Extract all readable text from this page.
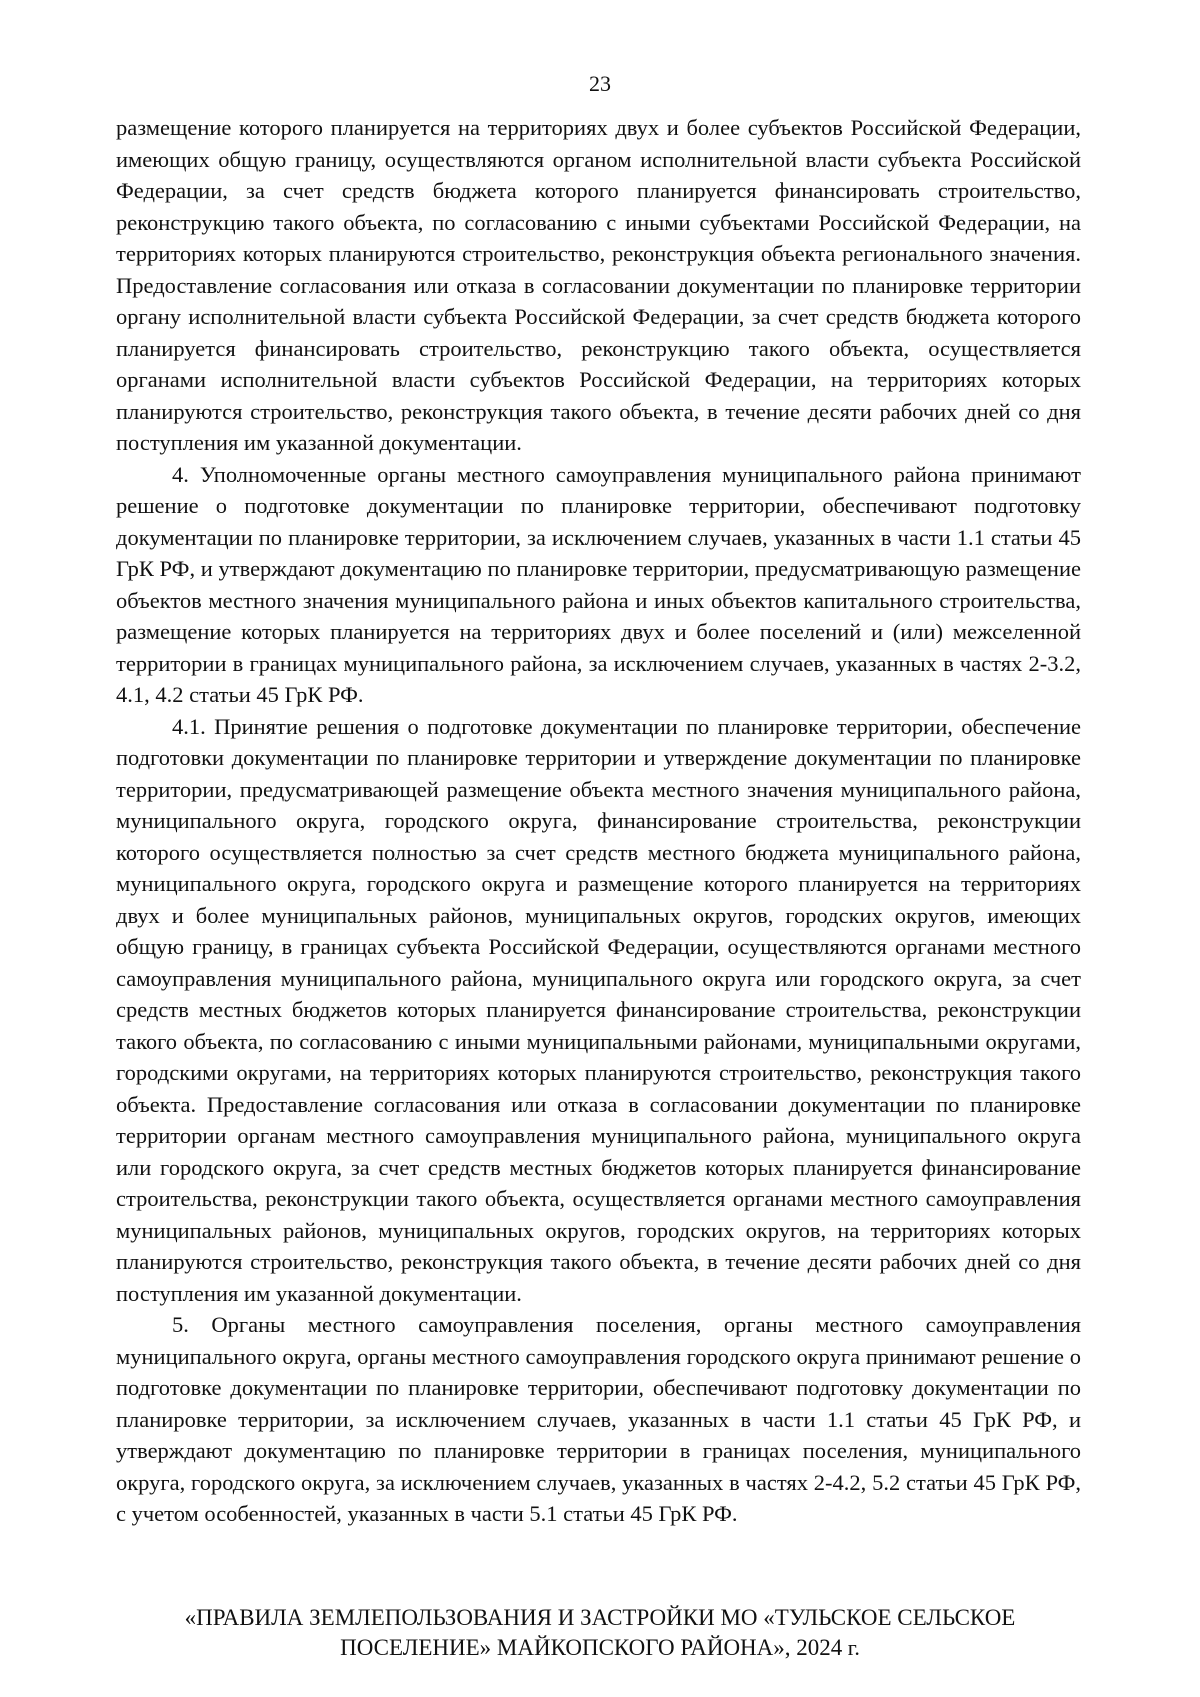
23

размещение которого планируется на территориях двух и более субъектов Российской Федерации, имеющих общую границу, осуществляются органом исполнительной власти субъекта Российской Федерации, за счет средств бюджета которого планируется финансировать строительство, реконструкцию такого объекта, по согласованию с иными субъектами Российской Федерации, на территориях которых планируются строительство, реконструкция объекта регионального значения. Предоставление согласования или отказа в согласовании документации по планировке территории органу исполнительной власти субъекта Российской Федерации, за счет средств бюджета которого планируется финансировать строительство, реконструкцию такого объекта, осуществляется органами исполнительной власти субъектов Российской Федерации, на территориях которых планируются строительство, реконструкция такого объекта, в течение десяти рабочих дней со дня поступления им указанной документации.

4. Уполномоченные органы местного самоуправления муниципального района принимают решение о подготовке документации по планировке территории, обеспечивают подготовку документации по планировке территории, за исключением случаев, указанных в части 1.1 статьи 45 ГрК РФ, и утверждают документацию по планировке территории, предусматривающую размещение объектов местного значения муниципального района и иных объектов капитального строительства, размещение которых планируется на территориях двух и более поселений и (или) межселенной территории в границах муниципального района, за исключением случаев, указанных в частях 2-3.2, 4.1, 4.2 статьи 45 ГрК РФ.

4.1. Принятие решения о подготовке документации по планировке территории, обеспечение подготовки документации по планировке территории и утверждение документации по планировке территории, предусматривающей размещение объекта местного значения муниципального района, муниципального округа, городского округа, финансирование строительства, реконструкции которого осуществляется полностью за счет средств местного бюджета муниципального района, муниципального округа, городского округа и размещение которого планируется на территориях двух и более муниципальных районов, муниципальных округов, городских округов, имеющих общую границу, в границах субъекта Российской Федерации, осуществляются органами местного самоуправления муниципального района, муниципального округа или городского округа, за счет средств местных бюджетов которых планируется финансирование строительства, реконструкции такого объекта, по согласованию с иными муниципальными районами, муниципальными округами, городскими округами, на территориях которых планируются строительство, реконструкция такого объекта. Предоставление согласования или отказа в согласовании документации по планировке территории органам местного самоуправления муниципального района, муниципального округа или городского округа, за счет средств местных бюджетов которых планируется финансирование строительства, реконструкции такого объекта, осуществляется органами местного самоуправления муниципальных районов, муниципальных округов, городских округов, на территориях которых планируются строительство, реконструкция такого объекта, в течение десяти рабочих дней со дня поступления им указанной документации.

5. Органы местного самоуправления поселения, органы местного самоуправления муниципального округа, органы местного самоуправления городского округа принимают решение о подготовке документации по планировке территории, обеспечивают подготовку документации по планировке территории, за исключением случаев, указанных в части 1.1 статьи 45 ГрК РФ, и утверждают документацию по планировке территории в границах поселения, муниципального округа, городского округа, за исключением случаев, указанных в частях 2-4.2, 5.2 статьи 45 ГрК РФ, с учетом особенностей, указанных в части 5.1 статьи 45 ГрК РФ.

«ПРАВИЛА ЗЕМЛЕПОЛЬЗОВАНИЯ И ЗАСТРОЙКИ МО «ТУЛЬСКОЕ СЕЛЬСКОЕ
ПОСЕЛЕНИЕ» МАЙКОПСКОГО РАЙОНА», 2024 г.
